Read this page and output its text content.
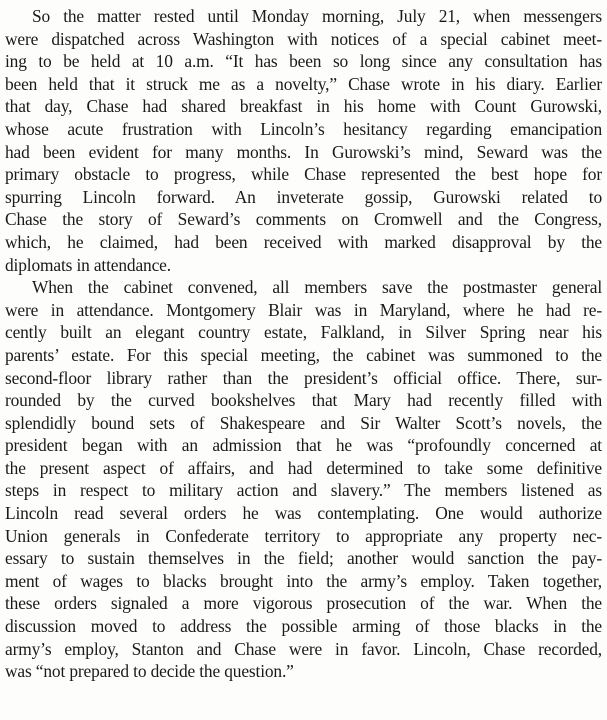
So the matter rested until Monday morning, July 21, when messengers
were dispatched across Washington with notices of a special cabinet meet-
ing to be held at 10 a.m. “It has been so long since any consultation has
been held that it struck me as a novelty,” Chase wrote in his diary. Earlier
that day, Chase had shared breakfast in his home with Count Gurowski,
whose acute frustration with Lincoln’s hesitancy regarding emancipation
had been evident for many months. In Gurowski’s mind, Seward was the
primary obstacle to progress, while Chase represented the best hope for
spurring Lincoln forward. An inveterate gossip, Gurowski related to
Chase the story of Seward’s comments on Cromwell and the Congress,
which, he claimed, had been received with marked disapproval by the
diplomats in attendance.
When the cabinet convened, all members save the postmaster general
were in attendance. Montgomery Blair was in Maryland, where he had re-
cently built an elegant country estate, Falkland, in Silver Spring near his
parents’ estate. For this special meeting, the cabinet was summoned to the
second-floor library rather than the president’s official office. There, sur-
rounded by the curved bookshelves that Mary had recently filled with
splendidly bound sets of Shakespeare and Sir Walter Scott’s novels, the
president began with an admission that he was “profoundly concerned at
the present aspect of affairs, and had determined to take some definitive
steps in respect to military action and slavery.” The members listened as
Lincoln read several orders he was contemplating. One would authorize
Union generals in Confederate territory to appropriate any property nec-
essary to sustain themselves in the field; another would sanction the pay-
ment of wages to blacks brought into the army’s employ. Taken together,
these orders signaled a more vigorous prosecution of the war. When the
discussion moved to address the possible arming of those blacks in the
army’s employ, Stanton and Chase were in favor. Lincoln, Chase recorded,
was “not prepared to decide the question.”
